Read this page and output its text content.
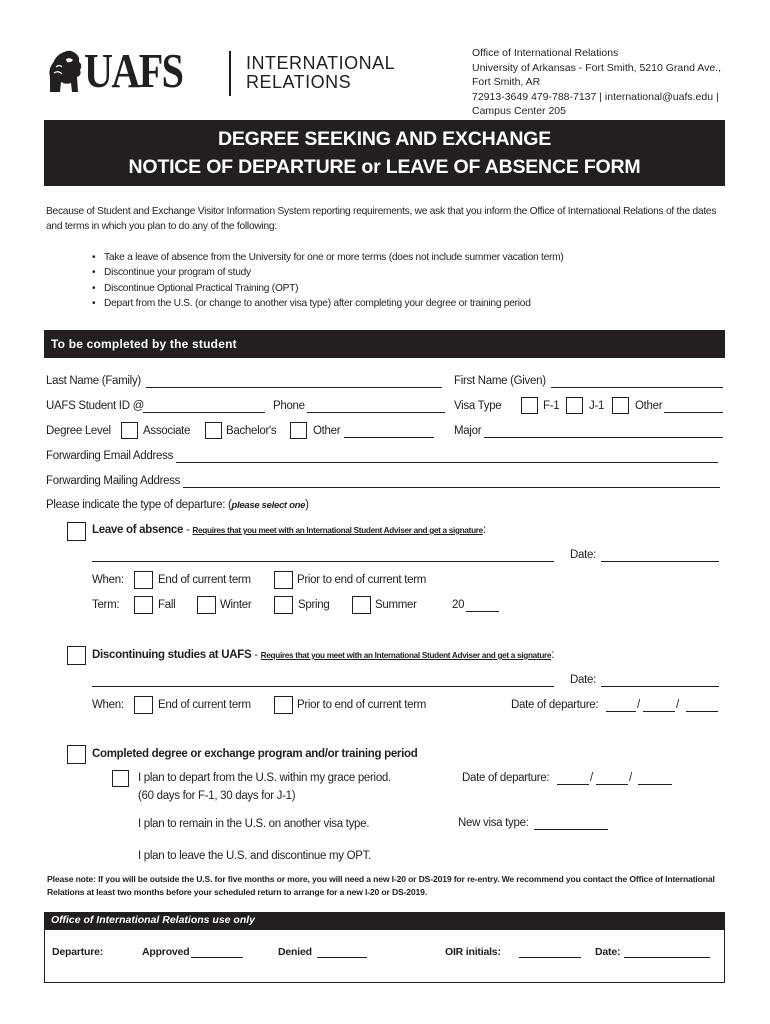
UAFS	INTERNATIONAL
RELATIONS
Office of International Relations
University of Arkansas - Fort Smith, 5210 Grand Ave.,
Fort Smith, AR
72913-3649 479-788-7137 | international@uafs.edu |
Campus Center 205
DEGREE SEEKING AND EXCHANGE
NOTICE OF DEPARTURE or LEAVE OF ABSENCE FORM
Because of Student and Exchange Visitor Information System reporting requirements, we ask that you inform the Office of International Relations of the dates and terms in which you plan to do any of the following:
• Take a leave of absence from the University for one or more terms (does not include summer vacation term)
• Discontinue your program of study
• Discontinue Optional Practical Training (OPT)
• Depart from the U.S. (or change to another visa type) after completing your degree or training period
To be completed by the student
Last Name (Family)	First Name (Given)
UAFS Student ID @	Phone	Visa Type	F-1	J-1	Other
Degree Level	Associate	Bachelor's	Other	Major
Forwarding Email Address
Forwarding Mailing Address
Please indicate the type of departure: (please select one)
Leave of absence - Requires that you meet with an International Student Adviser and get a signature:
Date:
When:	End of current term	Prior to end of current term
Term:	Fall	Winter	Spring	Summer	20
Discontinuing studies at UAFS - Requires that you meet with an International Student Adviser and get a signature:
Date:
When:	End of current term	Prior to end of current term	Date of departure:	/	/
Completed degree or exchange program and/or training period
I plan to depart from the U.S. within my grace period.
(60 days for F-1, 30 days for J-1)
Date of departure:	/	/
I plan to remain in the U.S. on another visa type.	New visa type:
I plan to leave the U.S. and discontinue my OPT.
Please note: If you will be outside the U.S. for five months or more, you will need a new I-20 or DS-2019 for re-entry. We recommend you contact the Office of International Relations at least two months before your scheduled return to arrange for a new I-20 or DS-2019.
Office of International Relations use only
Departure:	Approved	Denied	OIR initials:	Date:
